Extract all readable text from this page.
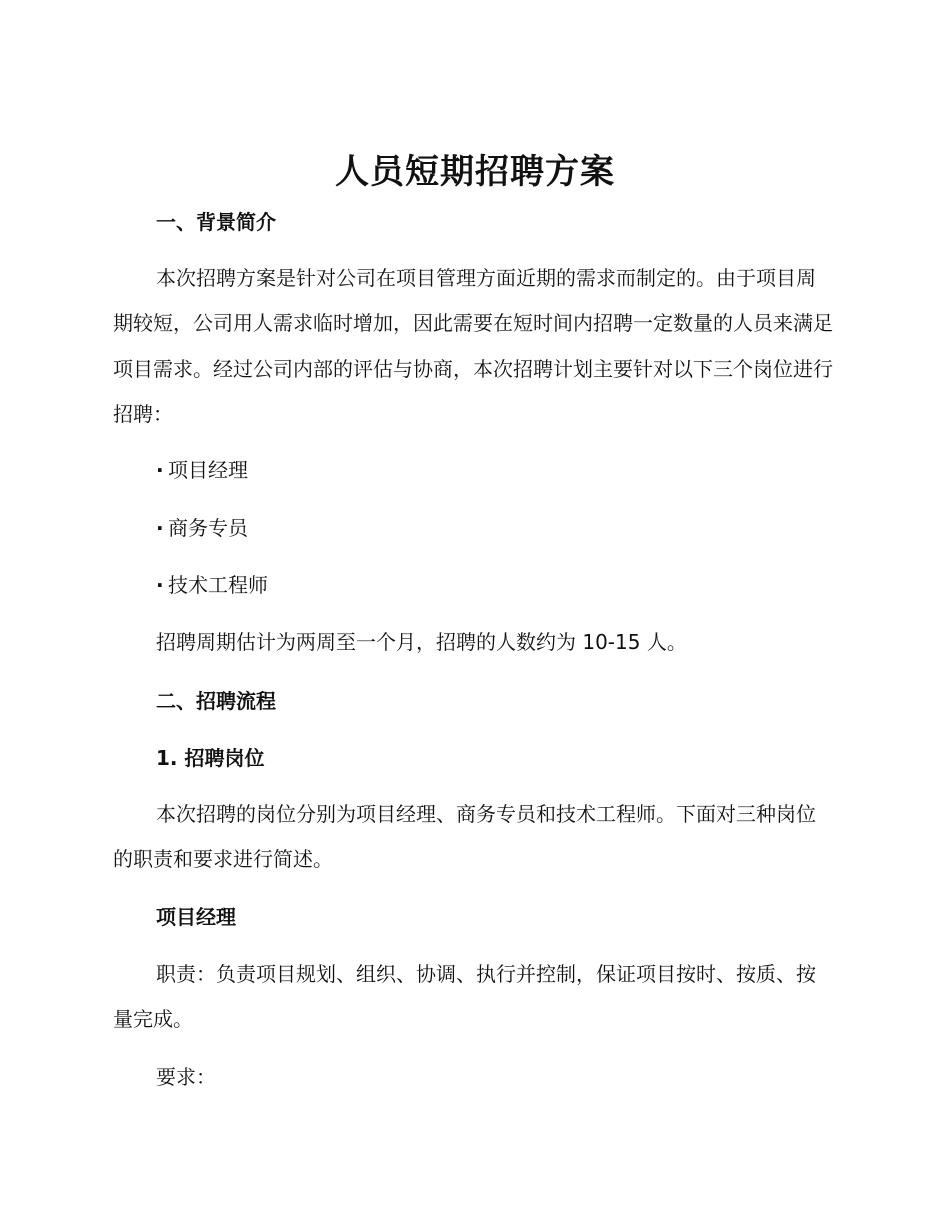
人员短期招聘方案
一、背景简介

本次招聘方案是针对公司在项目管理方面近期的需求而制定的。由于项目周期较短，公司用人需求临时增加，因此需要在短时间内招聘一定数量的人员来满足项目需求。经过公司内部的评估与协商，本次招聘计划主要针对以下三个岗位进行招聘：

· 项目经理
· 商务专员
· 技术工程师

招聘周期估计为两周至一个月，招聘的人数约为 10-15 人。

二、招聘流程
1. 招聘岗位

本次招聘的岗位分别为项目经理、商务专员和技术工程师。下面对三种岗位的职责和要求进行简述。

项目经理

职责：负责项目规划、组织、协调、执行并控制，保证项目按时、按质、按量完成。

要求：
